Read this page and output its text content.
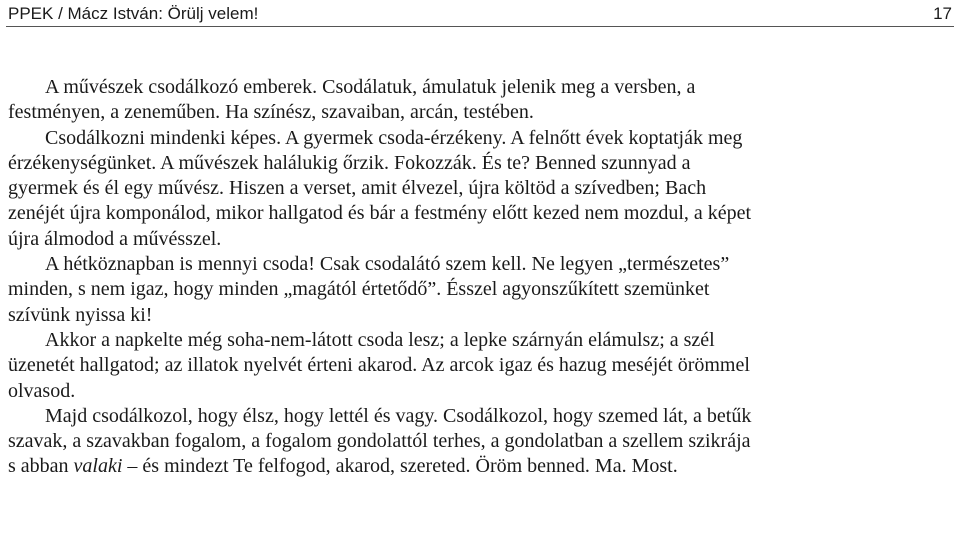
PPEK / Mácz István: Örülj velem!	17
A művészek csodálkozó emberek. Csodálatuk, ámulatuk jelenik meg a versben, a
festményen, a zeneműben. Ha színész, szavaiban, arcán, testében.
Csodálkozni mindenki képes. A gyermek csoda-érzékeny. A felnőtt évek koptatják meg
érzékenységünket. A művészek halálukig őrzik. Fokozzák. És te? Benned szunnyad a
gyermek és él egy művész. Hiszen a verset, amit élvezel, újra költöd a szívedben; Bach
zenéjét újra komponálod, mikor hallgatod és bár a festmény előtt kezed nem mozdul, a képet
újra álmodod a művésszel.
A hétköznapban is mennyi csoda! Csak csodalátó szem kell. Ne legyen „természetes”
minden, s nem igaz, hogy minden „magától értetődő”. Ésszel agyonszűkített szemünket
szívünk nyissa ki!
Akkor a napkelte még soha-nem-látott csoda lesz; a lepke szárnyán elámulsz; a szél
üzenetét hallgatod; az illatok nyelvét érteni akarod. Az arcok igaz és hazug meséjét örömmel
olvasod.
Majd csodálkozol, hogy élsz, hogy lettél és vagy. Csodálkozol, hogy szemed lát, a betűk
szavak, a szavakban fogalom, a fogalom gondolattól terhes, a gondolatban a szellem szikrája
s abban valaki – és mindezt Te felfogod, akarod, szereted. Öröm benned. Ma. Most.
